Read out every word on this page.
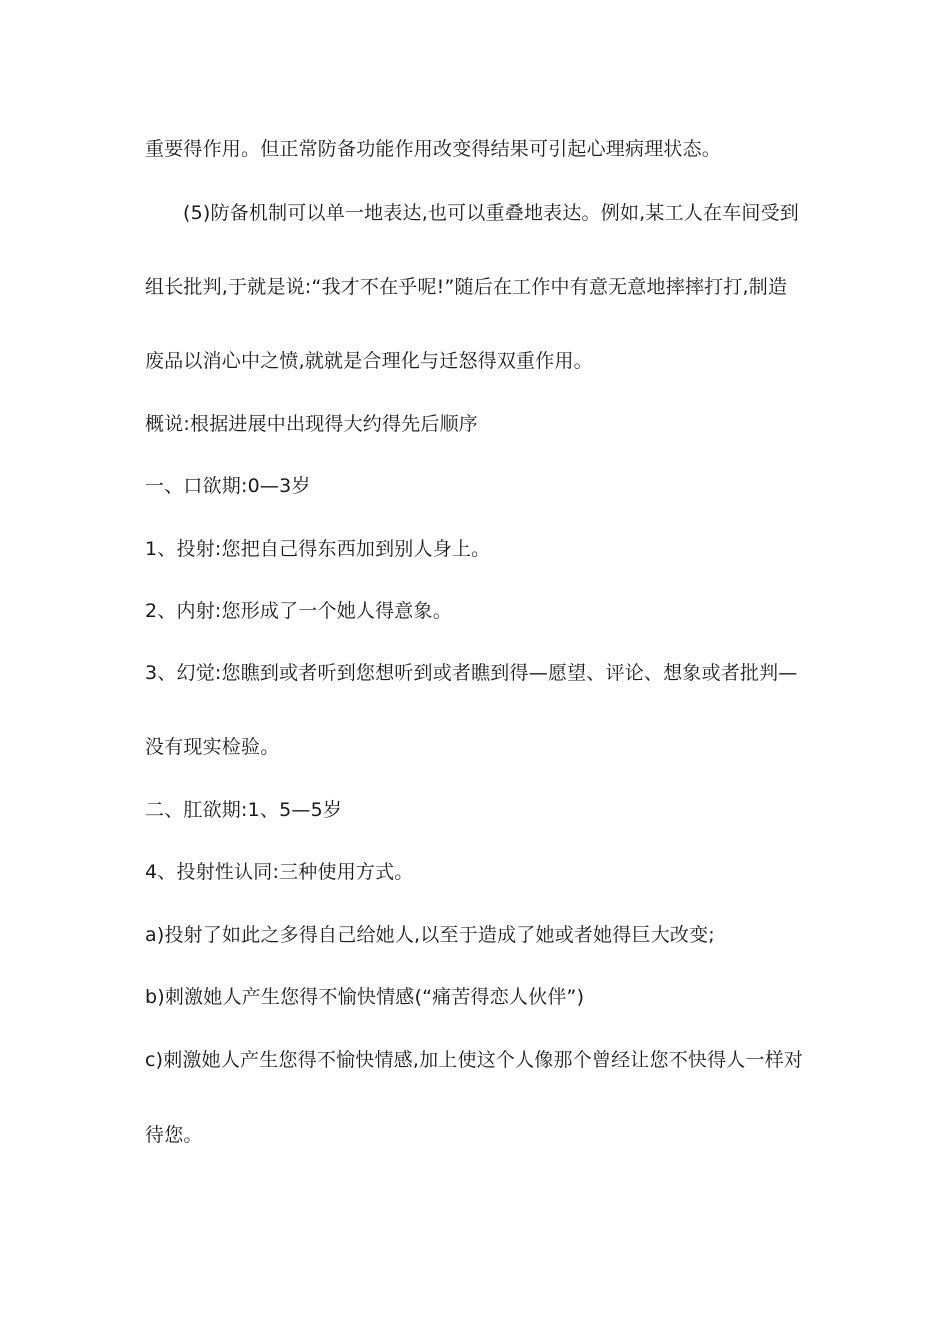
重要得作用。但正常防备功能作用改变得结果可引起心理病理状态。
(5)防备机制可以单一地表达,也可以重叠地表达。例如,某工人在车间受到
组长批判,于就是说:“我才不在乎呢!”随后在工作中有意无意地摔摔打打,制造
废品以消心中之愤,就就是合理化与迁怒得双重作用。
概说:根据进展中出现得大约得先后顺序
一、口欲期:0—3岁
1、投射:您把自己得东西加到别人身上。
2、内射:您形成了一个她人得意象。
3、幻觉:您瞧到或者听到您想听到或者瞧到得—愿望、评论、想象或者批判—
没有现实检验。
二、肛欲期:1、5—5岁
4、投射性认同:三种使用方式。
a)投射了如此之多得自己给她人,以至于造成了她或者她得巨大改变;
b)刺激她人产生您得不愉快情感(“痛苦得恋人伙伴”)
c)刺激她人产生您得不愉快情感,加上使这个人像那个曾经让您不快得人一样对
待您。
